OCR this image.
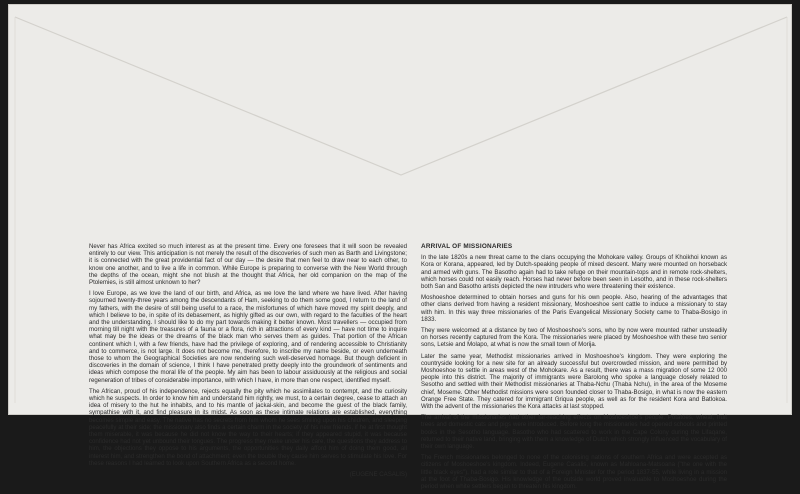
Never has Africa excited so much interest as at the present time. Every one foresees that it will soon be revealed entirely to our view. This anticipation is not merely the result of the discoveries of such men as Barth and Livingstone; it is connected with the great providential fact of our day — the desire that men feel to draw near to each other, to know one another, and to live a life in common. While Europe is preparing to converse with the New World through the depths of the ocean, might she not blush at the thought that Africa, her old companion on the map of the Ptolemies, is still almost unknown to her?

I love Europe, as we love the land of our birth, and Africa, as we love the land where we have lived. After having sojourned twenty-three years among the descendants of Ham, seeking to do them some good, I return to the land of my fathers, with the desire of still being useful to a race, the misfortunes of which have moved my spirit deeply, and which I believe to be, in spite of its debasement, as highly gifted as our own, with regard to the faculties of the heart and the understanding. I should like to do my part towards making it better known. Most travellers — occupied from morning till night with the treasures of a fauna or a flora, rich in attractions of every kind — have not time to inquire what may be the ideas or the dreams of the black man who serves them as guides. That portion of the African continent which I, with a few friends, have had the privilege of exploring, and of rendering accessible to Christianity and to commerce, is not large. It does not become me, therefore, to inscribe my name beside, or even underneath those to whom the Geographical Societies are now rendering such well-deserved homage. But though deficient in discoveries in the domain of science, I think I have penetrated pretty deeply into the groundwork of sentiments and ideas which compose the moral life of the people. My aim has been to labour assiduously at the religious and social regeneration of tribes of considerable importance, with which I have, in more than one respect, identified myself.

The African, proud of his independence, rejects equally the pity which he assimilates to contempt, and the curiosity which he suspects. In order to know him and understand him rightly, we must, to a certain degree, cease to attach an idea of misery to the hut he inhabits, and to his mantle of jackal-skin, and become the guest of the black family, sympathise with it, and find pleasure in its midst. As soon as these intimate relations are established, everything becomes simple and easy. The native has no secrets from him whom he sees smiling upon his children, and sleeping peacefully at their side; the missionary also finds a certain charm in the society of his new friends, if he at first thought them miserable, it was because he did not know the way to their hearts; if they appeared stupid, it was because confidence had not yet unbound their tongues. The progress they make under his care, the questions they address to him, the objections they oppose to his arguments, the opportunities they daily afford him of doing them good, all interest him, and strengthen the bond of attachment; even the trouble they cause him serves to stimulate his love. For these reasons I had learned to look upon Southern Africa as a second home.

(EUGENE CASALIS)

ARRIVAL OF MISSIONARIES

In the late 1820s a new threat came to the clans occupying the Mohokare valley. Groups of Khoikhoi known as Kora or Korana, appeared, led by Dutch-speaking people of mixed descent. Many were mounted on horseback and armed with guns. The Basotho again had to take refuge on their mountain-tops and in remote rock-shelters, which horses could not easily reach. Horses had never before been seen in Lesotho, and in these rock-shelters both San and Basotho artists depicted the new intruders who were threatening their existence.

Moshoeshoe determined to obtain horses and guns for his own people. Also, hearing of the advantages that other clans derived from having a resident missionary, Moshoeshoe sent cattle to induce a missionary to stay with him. In this way three missionaries of the Paris Evangelical Missionary Society came to Thaba-Bosigo in 1833.

They were welcomed at a distance by two of Moshoeshoe's sons, who by now were mounted rather unsteadily on horses recently captured from the Kora. The missionaries were placed by Moshoeshoe with these two senior sons, Letsie and Molapo, at what is now the small town of Morija.

Later the same year, Methodist missionaries arrived in Moshoeshoe's kingdom. They were exploring the countryside looking for a new site for an already successful but overcrowded mission, and were permitted by Moshoeshoe to settle in areas west of the Mohokare. As a result, there was a mass migration of some 12 000 people into this district. The majority of immigrants were Barolong who spoke a language closely related to Sesotho and settled with their Methodist missionaries at Thaba-Nchu (Thaba Nchu), in the area of the Moseme chief, Moseme. Other Methodist missions were soon founded closer to Thaba-Bosigo, in what is now the eastern Orange Free State. They catered for immigrant Griqua people, as well as for the resident Kora and Batlokoa. With the advent of the missionaries the Kora attacks at last stopped.

The arrival of the missionaries had other far-reaching effects on Moshoeshoe's people. Potatoes, wheat, fruit trees and domestic cats and pigs were introduced. Before long the missionaries had opened schools and printed books in the Sesotho language. Basotho who had scattered to work in the Cape Colony during the Lifaqane, returned to their native land, bringing with them a knowledge of Dutch which strongly influenced the vocabulary of their own language.

The French missionaries belonged to none of the colonising nations of southern Africa and were accepted as citizens of Moshoeshoe's kingdom. Indeed, Eugene Casalis, known as Mahloana-Matsoana ("the one with the little black eyes"), had a role similar to that of a Foreign Minister for the period 1837-55, while living in a mission at the foot of Thaba-Bosigo. His knowledge of the outside world proved invaluable to Moshoeshoe during the period when white settlers began to threaten his kingdom.
